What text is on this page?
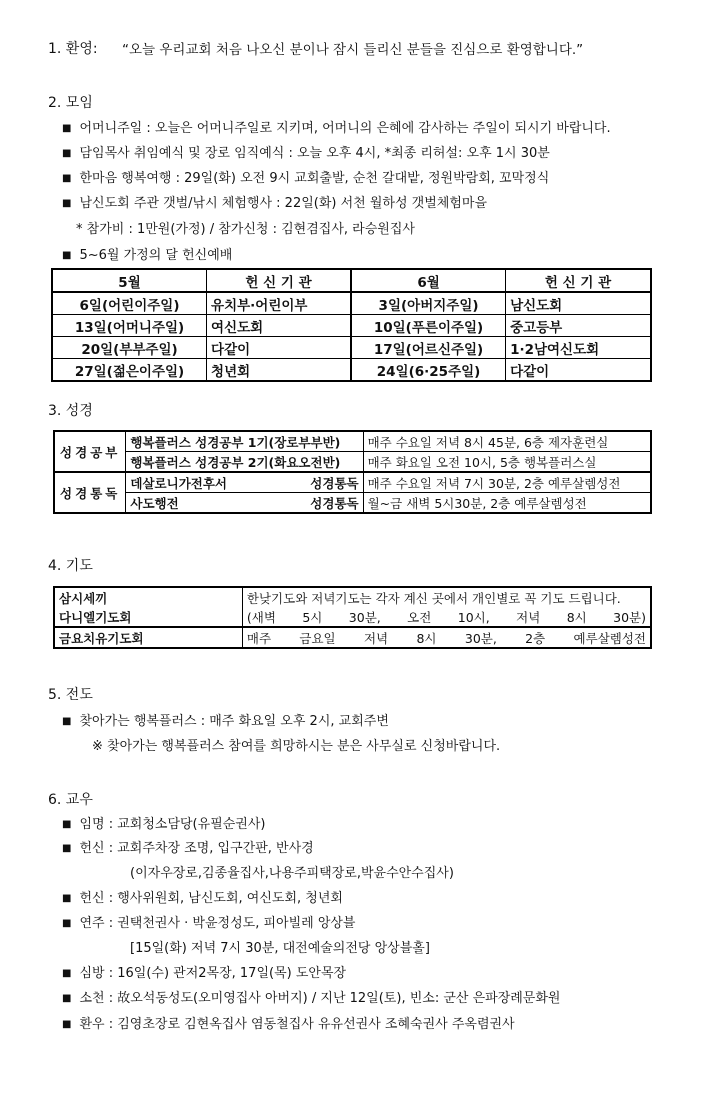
1. 환영: “오늘 우리교회 처음 나오신 분이나 잠시 들리신 분들을 진심으로 환영합니다.”
2. 모임
■ 어머니주일 : 오늘은 어머니주일로 지키며, 어머니의 은혜에 감사하는 주일이 되시기 바랍니다.
■ 담임목사 취임예식 및 장로 임직예식 : 오늘 오후 4시, *최종 리허설: 오후 1시 30분
■ 한마음 행복여행 : 29일(화) 오전 9시 교회출발, 순천 갈대밭, 정원박람회, 꼬막정식
■ 남신도회 주관 갯벌/낚시 체험행사 : 22일(화) 서천 월하성 갯벌체험마을
* 참가비 : 1만원(가정) / 참가신청 : 김현겸집사, 라승원집사
■ 5~6월 가정의 달 헌신예배
5월	헌 신 기 관	6월	헌 신 기 관
6일(어린이주일)	유치부·어린이부	3일(아버지주일)	남신도회
13일(어머니주일)	여신도회	10일(푸른이주일)	중고등부
20일(부부주일)	다같이	17일(어르신주일)	1·2남여신도회
27일(젊은이주일)	청년회	24일(6·25주일)	다같이
3. 성경
성경공부	행복플러스 성경공부 1기(장로부부반)	매주 수요일 저녁 8시 45분, 6층 제자훈련실
	행복플러스 성경공부 2기(화요오전반)	매주 화요일 오전 10시, 5층 행복플러스실
성경통독	데살로니가전후서 성경통독	매주 수요일 저녁 7시 30분, 2층 예루살렘성전
	사도행전 성경통독	월~금 새벽 5시30분, 2층 예루살렘성전
4. 기도
삼시세끼	한낮기도와 저녁기도는 각자 계신 곳에서 개인별로 꼭 기도 드립니다.
다니엘기도회	(새벽 5시 30분, 오전 10시, 저녁 8시 30분)
금요치유기도회	매주 금요일 저녁 8시 30분, 2층 예루살렘성전
5. 전도
■ 찾아가는 행복플러스 : 매주 화요일 오후 2시, 교회주변
※ 찾아가는 행복플러스 참여를 희망하시는 분은 사무실로 신청바랍니다.
6. 교우
■ 임명 : 교회청소담당(유필순권사)
■ 헌신 : 교회주차장 조명, 입구간판, 반사경
(이자우장로,김종율집사,나용주피택장로,박윤수안수집사)
■ 헌신 : 행사위원회, 남신도회, 여신도회, 청년회
■ 연주 : 권택천권사 · 박윤정성도, 피아빌레 앙상블
[15일(화) 저녁 7시 30분, 대전예술의전당 앙상블홀]
■ 심방 : 16일(수) 관저2목장, 17일(목) 도안목장
■ 소천 : 故오석동성도(오미영집사 아버지) / 지난 12일(토), 빈소: 군산 은파장례문화원
■ 환우 : 김영초장로 김현옥집사 염동철집사 유유선권사 조혜숙권사 주옥렴권사
